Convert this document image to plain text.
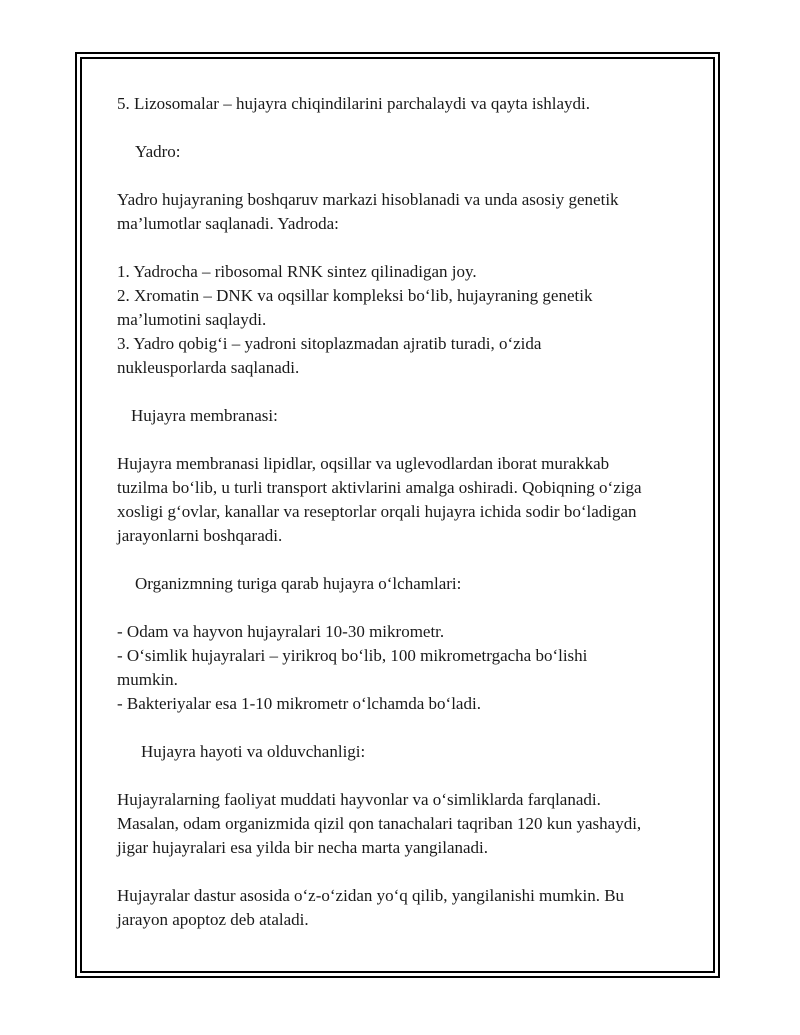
5. Lizosomalar – hujayra chiqindilarini parchalaydi va qayta ishlaydi.
Yadro:
Yadro hujayraning boshqaruv markazi hisoblanadi va unda asosiy genetik
ma’lumotlar saqlanadi. Yadroda:
1. Yadrocha – ribosomal RNK sintez qilinadigan joy.
2. Xromatin – DNK va oqsillar kompleksi bo‘lib, hujayraning genetik
ma’lumotini saqlaydi.
3. Yadro qobig‘i – yadroni sitoplazmadan ajratib turadi, o‘zida
nukleusporlarda saqlanadi.
Hujayra membranasi:
Hujayra membranasi lipidlar, oqsillar va uglevodlardan iborat murakkab
tuzilma bo‘lib, u turli transport aktivlarini amalga oshiradi. Qobiqning o‘ziga
xosligi g‘ovlar, kanallar va reseptorlar orqali hujayra ichida sodir bo‘ladigan
jarayonlarni boshqaradi.
Organizmning turiga qarab hujayra o‘lchamlari:
- Odam va hayvon hujayralari 10-30 mikrometr.
- O‘simlik hujayralari – yirikroq bo‘lib, 100 mikrometrgacha bo‘lishi
mumkin.
- Bakteriyalar esa 1-10 mikrometr o‘lchamda bo‘ladi.
Hujayra hayoti va olduvchanligi:
Hujayralarning faoliyat muddati hayvonlar va o‘simliklarda farqlanadi.
Masalan, odam organizmida qizil qon tanachalari taqriban 120 kun yashaydi,
jigar hujayralari esa yilda bir necha marta yangilanadi.
Hujayralar dastur asosida o‘z-o‘zidan yo‘q qilib, yangilanishi mumkin. Bu
jarayon apoptoz deb ataladi.
